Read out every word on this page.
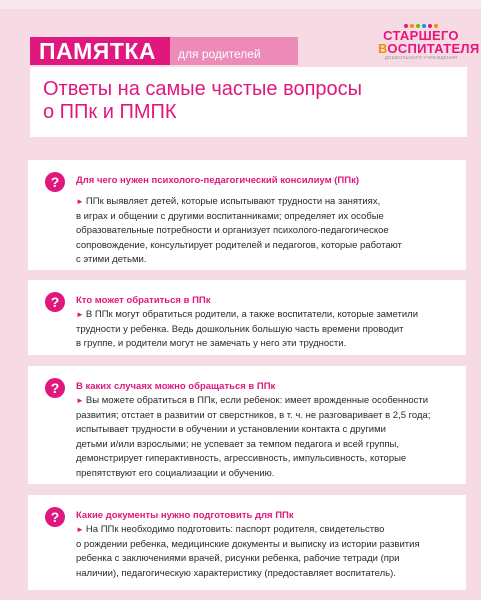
ПАМЯТКА	для родителей
СТАРШЕГО
ВОСПИТАТЕЛЯ
ДОШКОЛЬНОГО УЧРЕЖДЕНИЯ
Ответы на самые частые вопросы
о ППк и ПМПК
?	Для чего нужен психолого-педагогический консилиум (ППк)
► ППк выявляет детей, которые испытывают трудности на занятиях,
в играх и общении с другими воспитанниками; определяет их особые
образовательные потребности и организует психолого-педагогическое
сопровождение, консультирует родителей и педагогов, которые работают
с этими детьми.
?	Кто может обратиться в ППк
► В ППк могут обратиться родители, а также воспитатели, которые заметили
трудности у ребенка. Ведь дошкольник большую часть времени проводит
в группе, и родители могут не замечать у него эти трудности.
?	В каких случаях можно обращаться в ППк
► Вы можете обратиться в ППк, если ребенок: имеет врожденные особенности
развития; отстает в развитии от сверстников, в т. ч. не разговаривает в 2,5 года;
испытывает трудности в обучении и установлении контакта с другими
детьми и/или взрослыми; не успевает за темпом педагога и всей группы,
демонстрирует гиперактивность, агрессивность, импульсивность, которые
препятствуют его социализации и обучению.
?	Какие документы нужно подготовить для ППк
► На ППк необходимо подготовить: паспорт родителя, свидетельство
о рождении ребенка, медицинские документы и выписку из истории развития
ребенка с заключениями врачей, рисунки ребенка, рабочие тетради (при
наличии), педагогическую характеристику (предоставляет воспитатель).
